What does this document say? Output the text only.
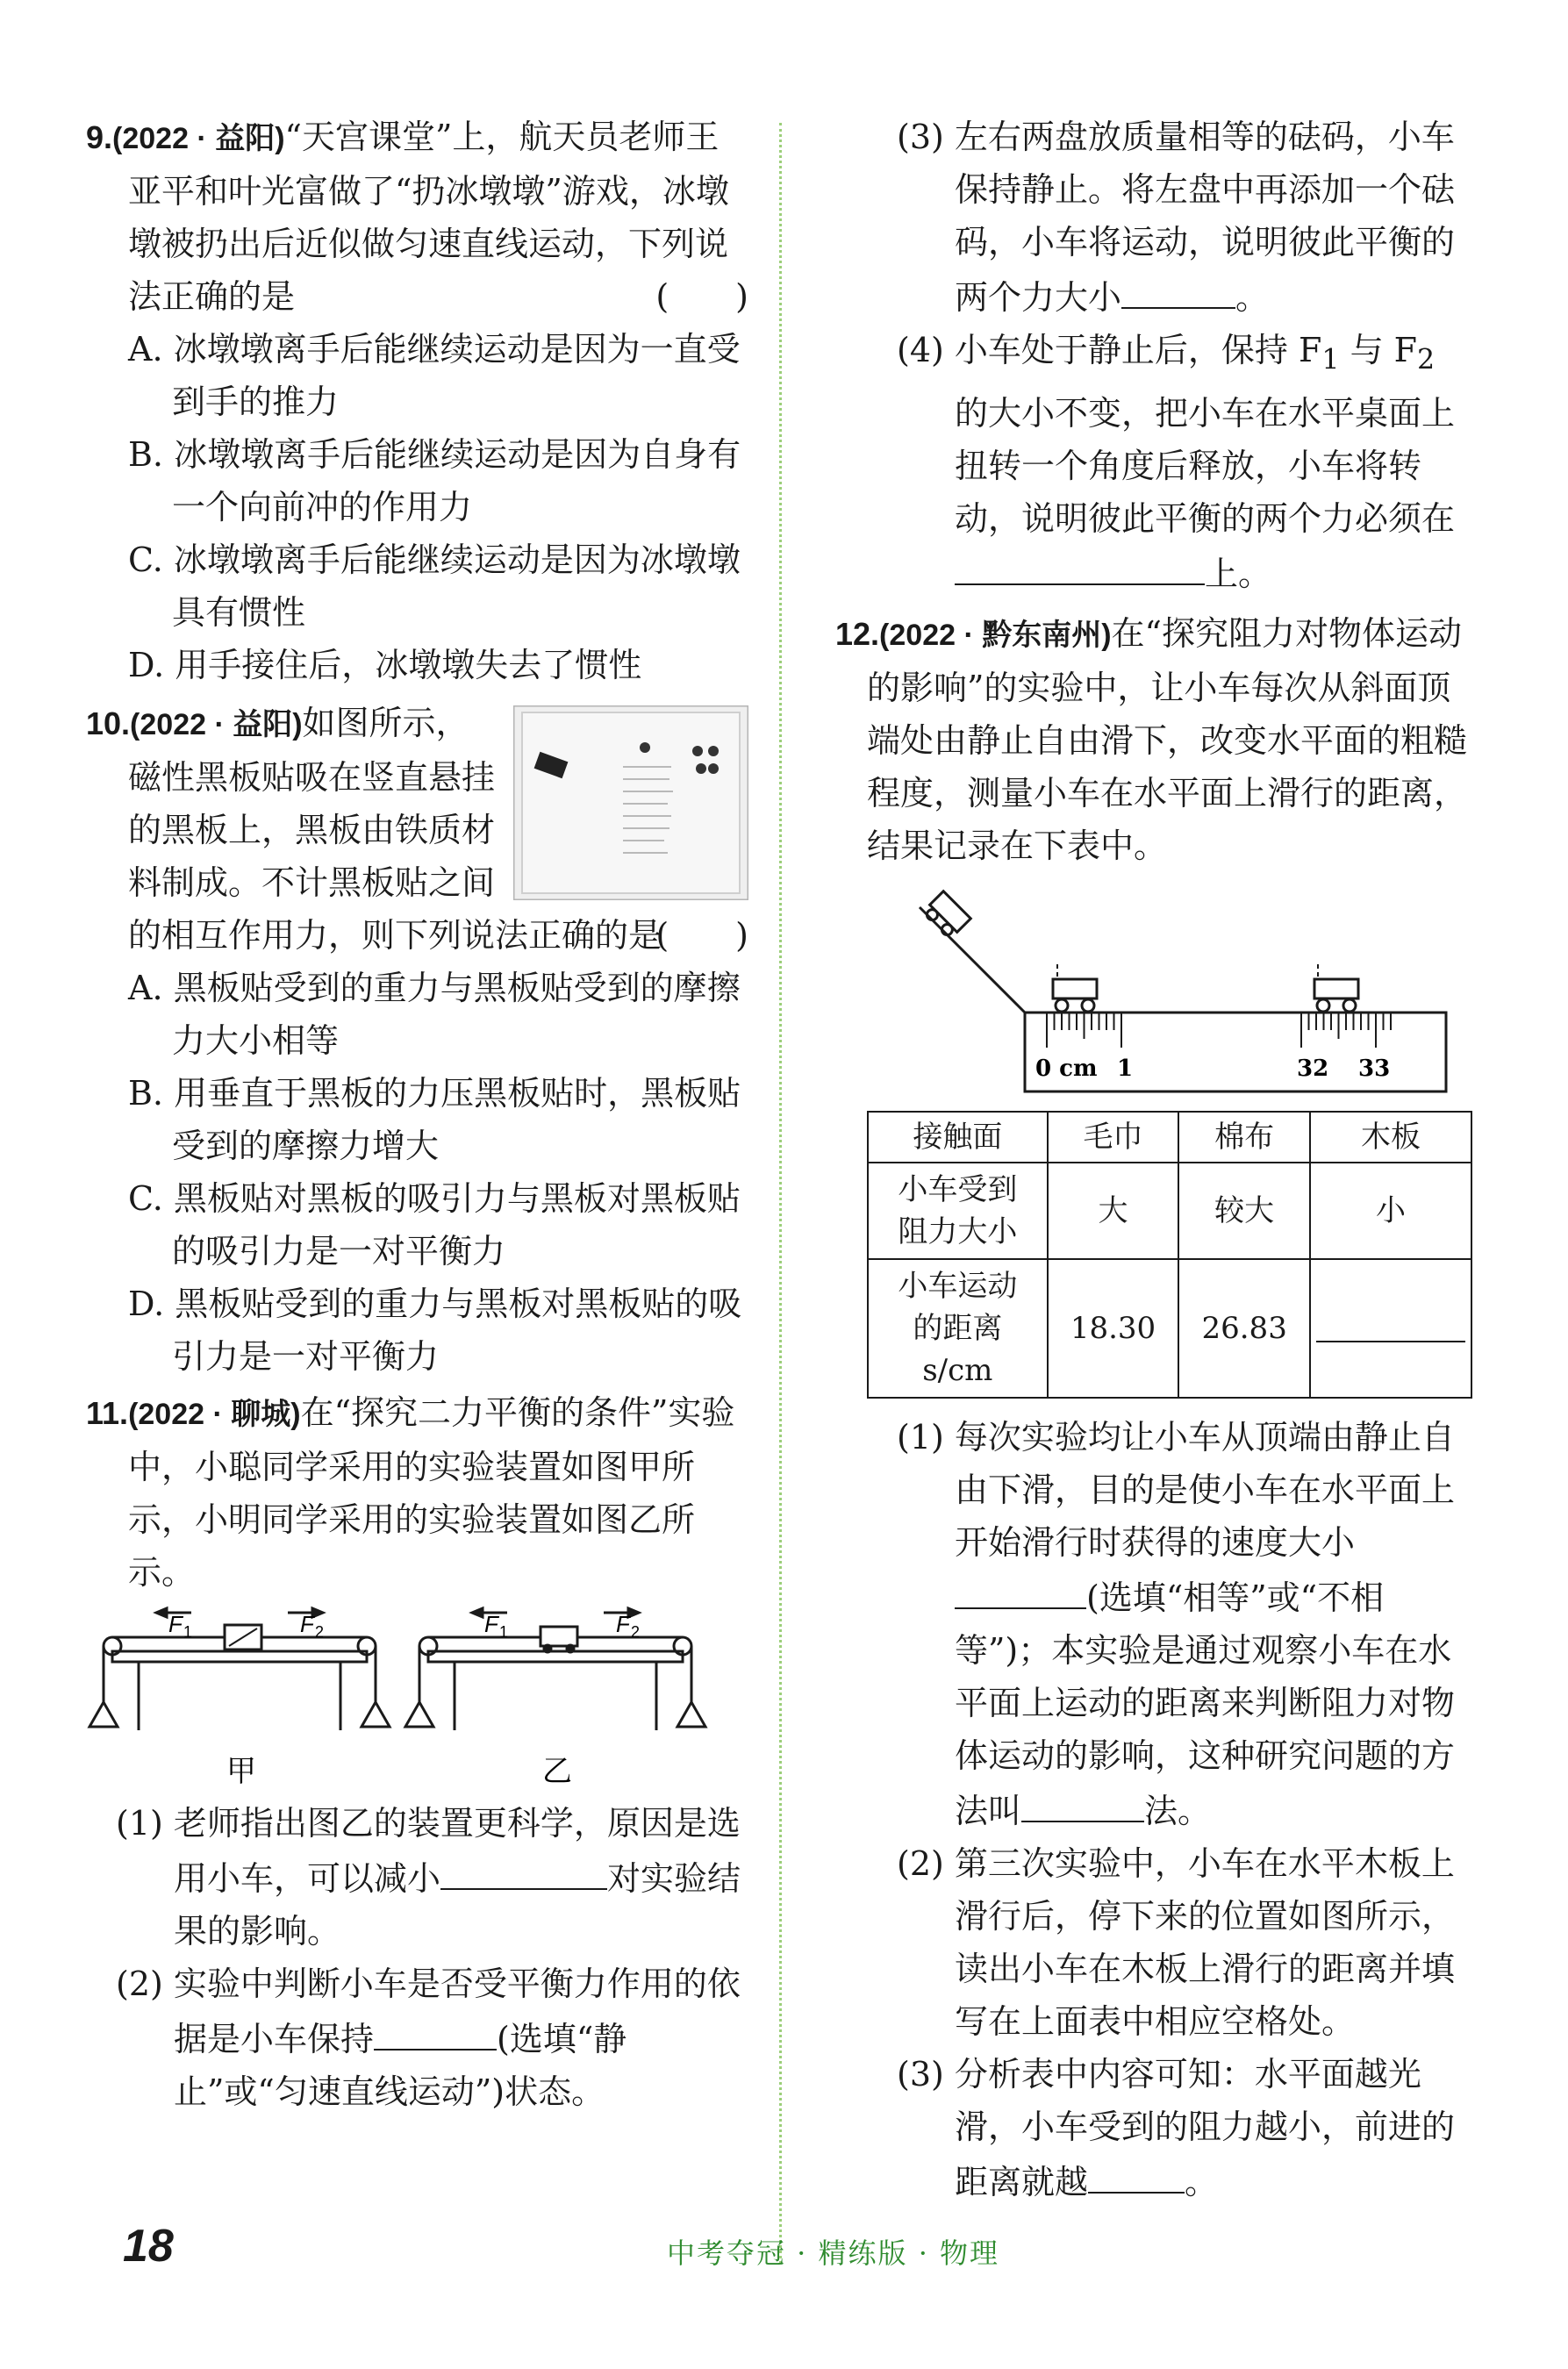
9.(2022 · 益阳)“天宫课堂”上，航天员老师王亚平和叶光富做了“扔冰墩墩”游戏，冰墩墩被扔出后近似做匀速直线运动，下列说法正确的是	(　　)

A. 冰墩墩离手后能继续运动是因为一直受到手的推力

B. 冰墩墩离手后能继续运动是因为自身有一个向前冲的作用力

C. 冰墩墩离手后能继续运动是因为冰墩墩具有惯性

D. 用手接住后，冰墩墩失去了惯性

10.(2022 · 益阳)如图所示，磁性黑板贴吸在竖直悬挂的黑板上，黑板由铁质材料制成。不计黑板贴之间的相互作用力，则下列说法正确的是
(　　)

A. 黑板贴受到的重力与黑板贴受到的摩擦力大小相等

B. 用垂直于黑板的力压黑板贴时，黑板贴受到的摩擦力增大

C. 黑板贴对黑板的吸引力与黑板对黑板贴的吸引力是一对平衡力

D. 黑板贴受到的重力与黑板对黑板贴的吸引力是一对平衡力

11.(2022 · 聊城)在“探究二力平衡的条件”实验中，小聪同学采用的实验装置如图甲所示，小明同学采用的实验装置如图乙所示。

F 1	F 2
甲
F 1	F 2
乙

(1) 老师指出图乙的装置更科学，原因是选用小车，可以减小	对实验结果的影响。

(2) 实验中判断小车是否受平衡力作用的依据是小车保持	(选填“静止”或“匀速直线运动”)状态。

(3) 左右两盘放质量相等的砝码，小车保持静止。将左盘中再添加一个砝码，小车将运动，说明彼此平衡的两个力大小	。

(4) 小车处于静止后，保持 $F_1$ 与 $F_2$ 的大小不变，把小车在水平桌面上扭转一个角度后释放，小车将转动，说明彼此平衡的两个力必须在上。

12.(2022 · 黔东南州)在“探究阻力对物体运动的影响”的实验中，让小车每次从斜面顶端处由静止自由滑下，改变水平面的粗糙程度，测量小车在水平面上滑行的距离，结果记录在下表中。

0 cm 1	32 33
接触面	毛巾	棉布	木板
小车受到阻力大小	大	较大	小
小车运动的距离 s/cm	18.30	26.83	

(1) 每次实验均让小车从顶端由静止自由下滑，目的是使小车在水平面上开始滑行时获得的速度大小(选填“相等”或“不相等”)；本实验是通过观察小车在水平面上运动的距离来判断阻力对物体运动的影响，这种研究问题的方法叫	法。

(2) 第三次实验中，小车在水平木板上滑行后，停下来的位置如图所示，读出小车在木板上滑行的距离并填写在上面表中相应空格处。

(3) 分析表中内容可知：水平面越光滑，小车受到的阻力越小，前进的距离就越	。

18	中考夺冠 · 精练版 · 物理
